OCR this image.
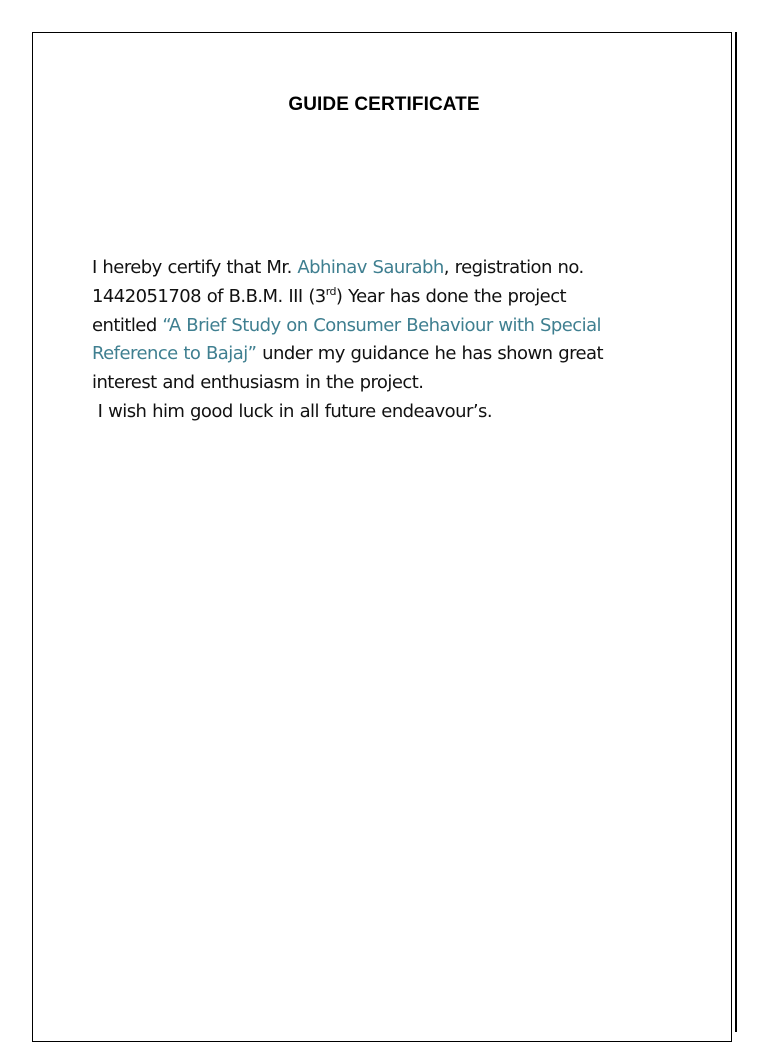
GUIDE CERTIFICATE
I hereby certify that Mr. Abhinav Saurabh, registration no.
1442051708 of B.B.M. III (3rd) Year has done the project
entitled “A Brief Study on Consumer Behaviour with Special
Reference to Bajaj” under my guidance he has shown great
interest and enthusiasm in the project.
I wish him good luck in all future endeavour’s.
